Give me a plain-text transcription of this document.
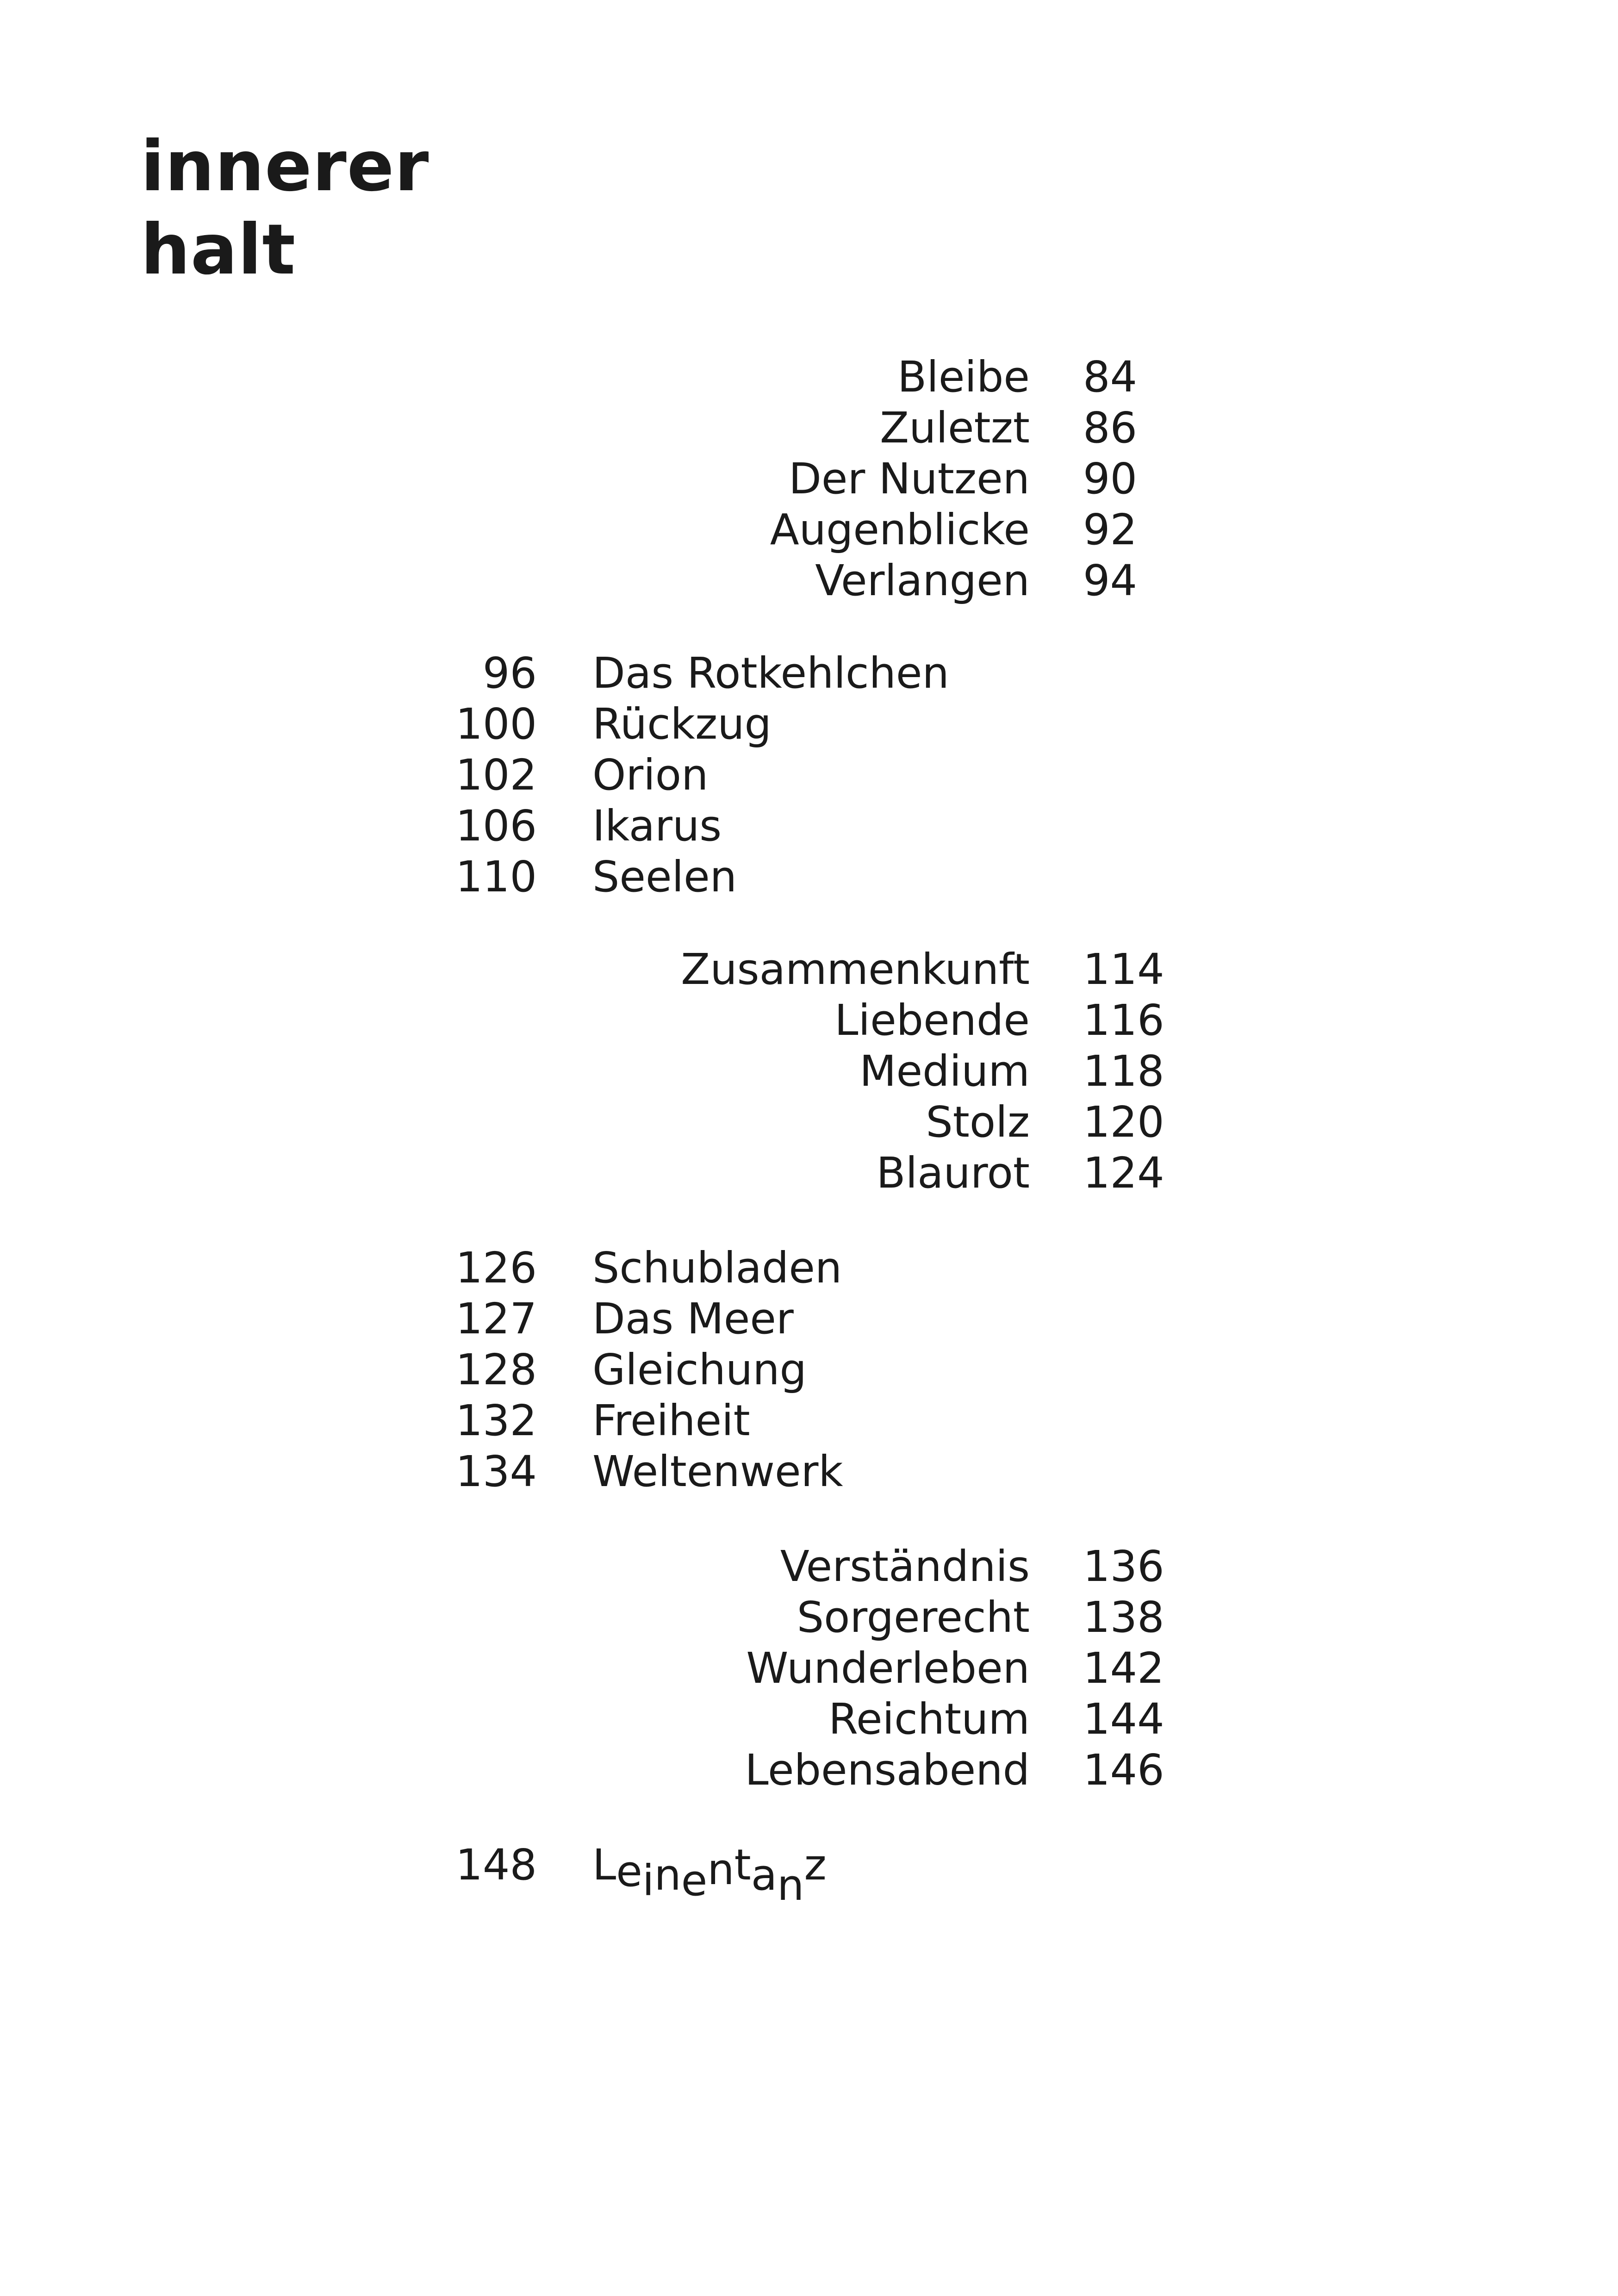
innerer
halt
Bleibe 84
Zuletzt 86
Der Nutzen 90
Augenblicke 92
Verlangen 94
96 Das Rotkehlchen
100 Rückzug
102 Orion
106 Ikarus
110 Seelen
Zusammenkunft 114
Liebende 116
Medium 118
Stolz 120
Blaurot 124
126 Schubladen
127 Das Meer
128 Gleichung
132 Freiheit
134 Weltenwerk
Verständnis 136
Sorgerecht 138
Wunderleben 142
Reichtum 144
Lebensabend 146
148 Leinentanz
